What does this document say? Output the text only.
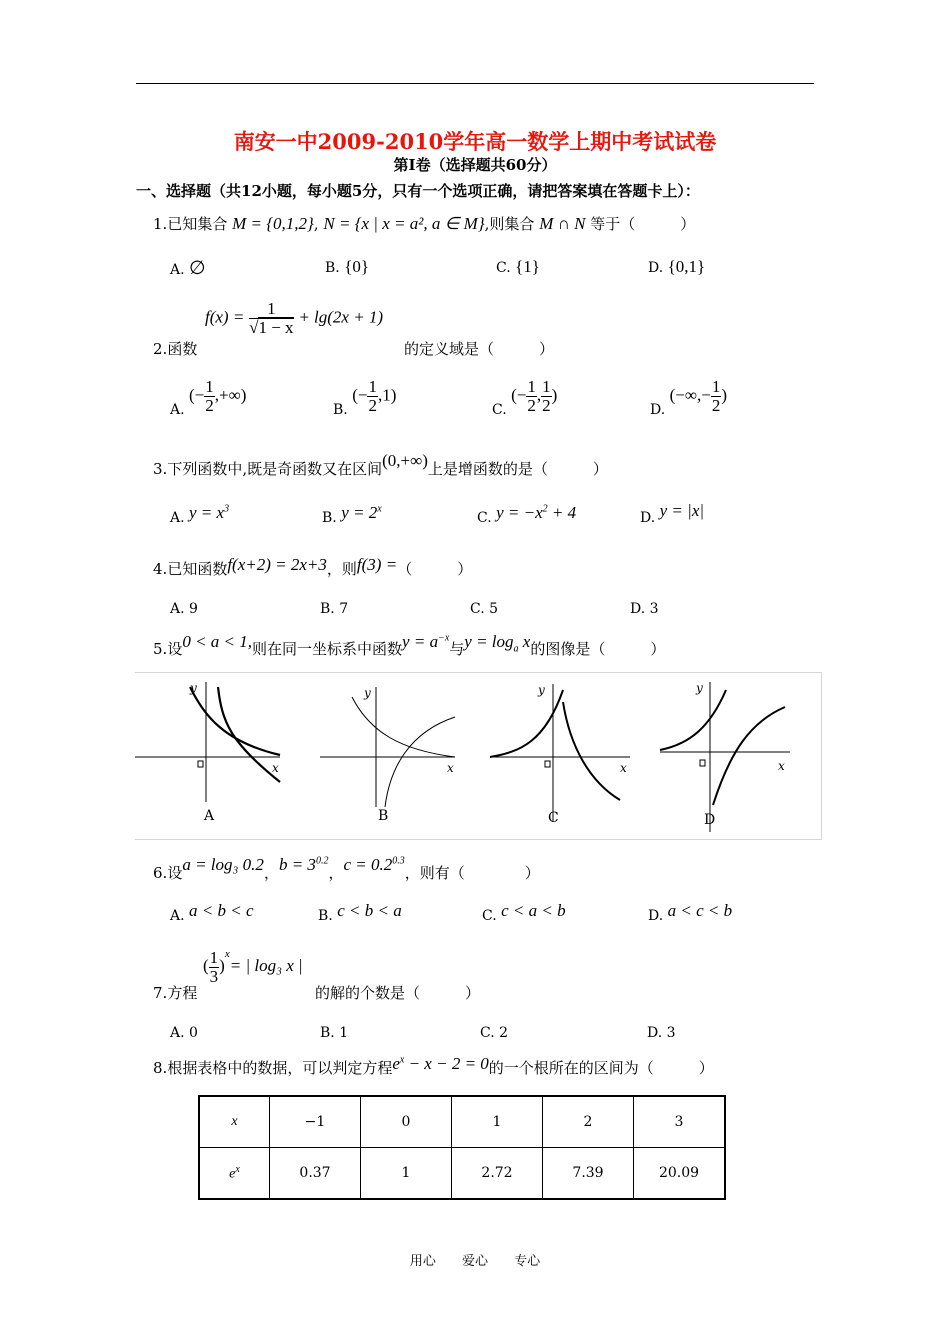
南安一中2009-2010学年高一数学上期中考试试卷
第Ⅰ卷（选择题共60分）
一、选择题（共12小题，每小题5分，只有一个选项正确，请把答案填在答题卡上）：
1.已知集合 M = {0,1,2}, N = {x | x = a², a ∈ M},则集合 M ∩ N 等于（　　　）
A. ∅	B. {0}	C. {1}	D. {0,1}
$f(x) = \frac{1}{√1 - x} + \lg(2x + 1)$
2.函数	的定义域是（　　　）
A. (− $\frac{1}{2}$ ,+∞)
B. (− $\frac{1}{2} ,1$)
C. (− $\frac{1}{2}$ , $\frac{1}{2}$ )
D. (−∞,− $\frac{1}{2}$ )
3.下列函数中,既是奇函数又在区间(0,+∞)上是增函数的是（　　　）
A. $y = x^3$
B. $y = 2^x$
C. $y = -x^2 + 4$	D. y = |x|
4.已知函数f(x+2) = 2x+3，则f(3) =（　　　）
A. 9	B. 7	C. 5	D. 3
5.设0 < a < 1,则在同一坐标系中函数$y = a^{-x}$与$y = \log_a x$的图像是（　　　）
y
x
A
y
x
B
y
x
C
y
x
D
6.设a = log₃ 0.2，$b = 3^{0.2}$，$c = 0.2^{0.3}$，则有（　　　　）
A. a < b < c	B. c < b < a	C. c < a < b	D. a < c < b
( $\frac{1}{3} )^x=$ | log₃ x |
7.方程	的解的个数是（　　　）
A. 0	B. 1	C. 2	D. 3
8.根据表格中的数据，可以判定方程$e^x - x - 2 = 0$的一个根所在的区间为（　　　）
x	−1	0	1	2	3
$e^x$	0.37	1	2.72	7.39	20.09
用心 爱心 专心
